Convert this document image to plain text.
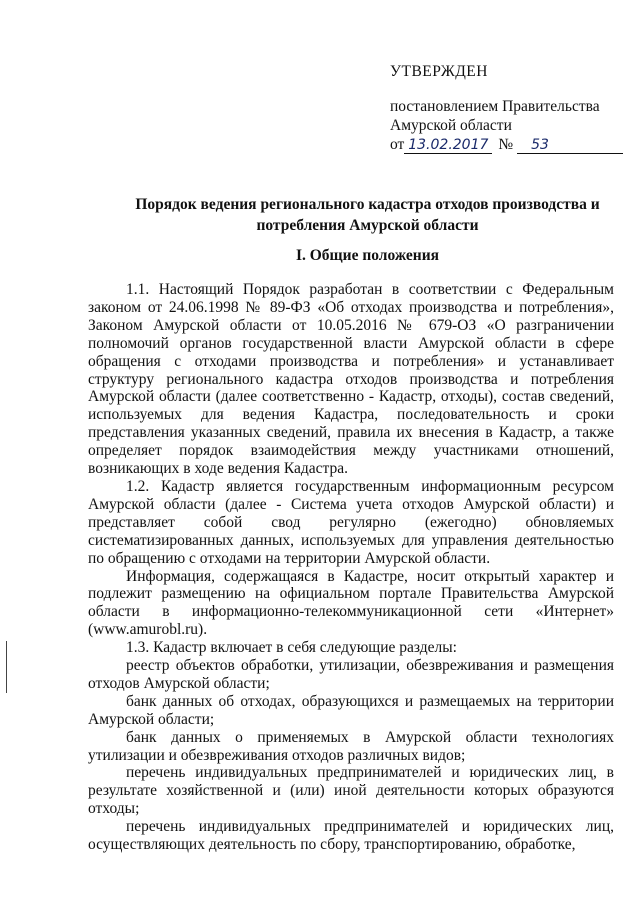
УТВЕРЖДЕН
постановлением Правительства
Амурской области
от 13.02.2017 №	53
Порядок ведения регионального кадастра отходов производства и
потребления Амурской области
I. Общие положения

1.1. Настоящий Порядок разработан в соответствии с Федеральным законом от 24.06.1998 № 89-ФЗ «Об отходах производства и потребления», Законом Амурской области от 10.05.2016 № 679-ОЗ «О разграничении полномочий органов государственной власти Амурской области в сфере обращения с отходами производства и потребления» и устанавливает структуру регионального кадастра отходов производства и потребления Амурской области (далее соответственно - Кадастр, отходы), состав сведений, используемых для ведения Кадастра, последовательность и сроки представления указанных сведений, правила их внесения в Кадастр, а также определяет порядок взаимодействия между участниками отношений, возникающих в ходе ведения Кадастра.

1.2. Кадастр является государственным информационным ресурсом Амурской области (далее - Система учета отходов Амурской области) и представляет собой свод регулярно (ежегодно) обновляемых систематизированных данных, используемых для управления деятельностью по обращению с отходами на территории Амурской области.

Информация, содержащаяся в Кадастре, носит открытый характер и подлежит размещению на официальном портале Правительства Амурской области в информационно-телекоммуникационной сети «Интернет» (www.amurobl.ru).

1.3. Кадастр включает в себя следующие разделы:

реестр объектов обработки, утилизации, обезвреживания и размещения отходов Амурской области;

банк данных об отходах, образующихся и размещаемых на территории Амурской области;

банк данных о применяемых в Амурской области технологиях утилизации и обезвреживания отходов различных видов;

перечень индивидуальных предпринимателей и юридических лиц, в результате хозяйственной и (или) иной деятельности которых образуются отходы;

перечень индивидуальных предпринимателей и юридических лиц, осуществляющих деятельность по сбору, транспортированию, обработке,
